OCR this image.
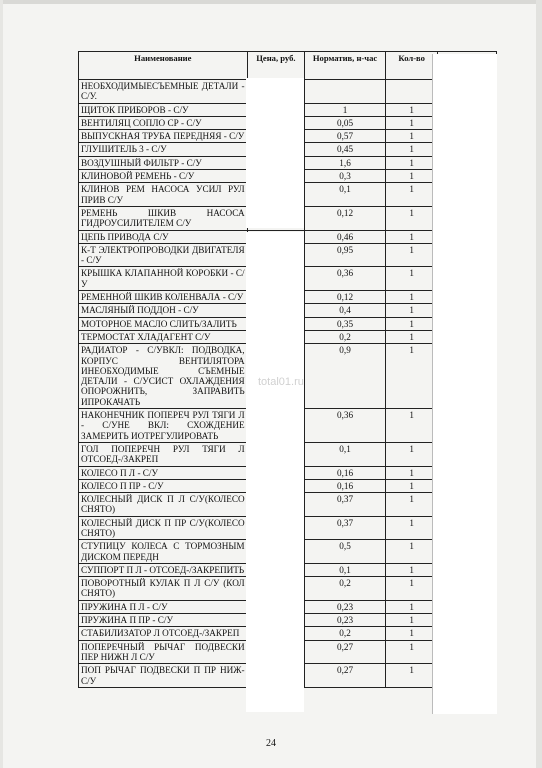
Наименование	Цена, руб.	Норматив, н-час	Кол-во	
НЕОБХОДИМЫЕСЪЕМНЫЕ ДЕТАЛИ - С/У.				
ЩИТОК ПРИБОРОВ - С/У		1	1	
ВЕНТИЛЯЦ СОПЛО СР - С/У		0,05	1	
ВЫПУСКНАЯ ТРУБА ПЕРЕДНЯЯ - С/У		0,57	1	
ГЛУШИТЕЛЬ 3 - С/У		0,45	1	
ВОЗДУШНЫЙ ФИЛЬТР - С/У		1,6	1	
КЛИНОВОЙ РЕМЕНЬ - С/У		0,3	1	
КЛИНОВ РЕМ НАСОСА УСИЛ РУЛ ПРИВ С/У		0,1	1	
РЕМЕНЬ ШКИВ НАСОСА ГИДРОУСИЛИТЕЛЕМ С/У		0,12	1	
ЦЕПЬ ПРИВОДА С/У		0,46	1	
К-Т ЭЛЕКТРОПРОВОДКИ ДВИГАТЕЛЯ - С/У		0,95	1	
КРЫШКА КЛАПАННОЙ КОРОБКИ - С/У		0,36	1	
РЕМЕННОЙ ШКИВ КОЛЕНВАЛА - С/У		0,12	1	
МАСЛЯНЫЙ ПОДДОН - С/У		0,4	1	
МОТОРНОЕ МАСЛО СЛИТЬ/ЗАЛИТЬ		0,35	1	
ТЕРМОСТАТ ХЛАДАГЕНТ С/У		0,2	1	
РАДИАТОР - С/УВКЛ: ПОДВОДКА, КОРПУС ВЕНТИЛЯТОРА ИНЕОБХОДИМЫЕ СЪЕМНЫЕ ДЕТАЛИ - С/УСИСТ ОХЛАЖДЕНИЯ ОПОРОЖНИТЬ, ЗАПРАВИТЬ ИПРОКАЧАТЬ		0,9	1	
НАКОНЕЧНИК ПОПЕРЕЧ РУЛ ТЯГИ Л - С/УНЕ ВКЛ: СХОЖДЕНИЕ ЗАМЕРИТЬ ИОТРЕГУЛИРОВАТЬ		0,36	1	
ГОЛ ПОПЕРЕЧН РУЛ ТЯГИ Л ОТСОЕД-/ЗАКРЕП		0,1	1	
КОЛЕСО П Л - С/У		0,16	1	
КОЛЕСО П ПР - С/У		0,16	1	
КОЛЕСНЫЙ ДИСК П Л С/У(КОЛЕСО СНЯТО)		0,37	1	
КОЛЕСНЫЙ ДИСК П ПР С/У(КОЛЕСО СНЯТО)		0,37	1	
СТУПИЦУ КОЛЕСА С ТОРМОЗНЫМ ДИСКОМ ПЕРЕДН		0,5	1	
СУППОРТ П Л - ОТСОЕД-/ЗАКРЕПИТЬ		0,1	1	
ПОВОРОТНЫЙ КУЛАК П Л С/У (КОЛ СНЯТО)		0,2	1	
ПРУЖИНА П Л - С/У		0,23	1	
ПРУЖИНА П ПР - С/У		0,23	1	
СТАБИЛИЗАТОР Л ОТСОЕД-/ЗАКРЕП		0,2	1	
ПОПЕРЕЧНЫЙ РЫЧАГ ПОДВЕСКИ ПЕР НИЖН Л С/У		0,27	1	
ПОП РЫЧАГ ПОДВЕСКИ П ПР НИЖ- С/У		0,27	1	
total01.ru
24
